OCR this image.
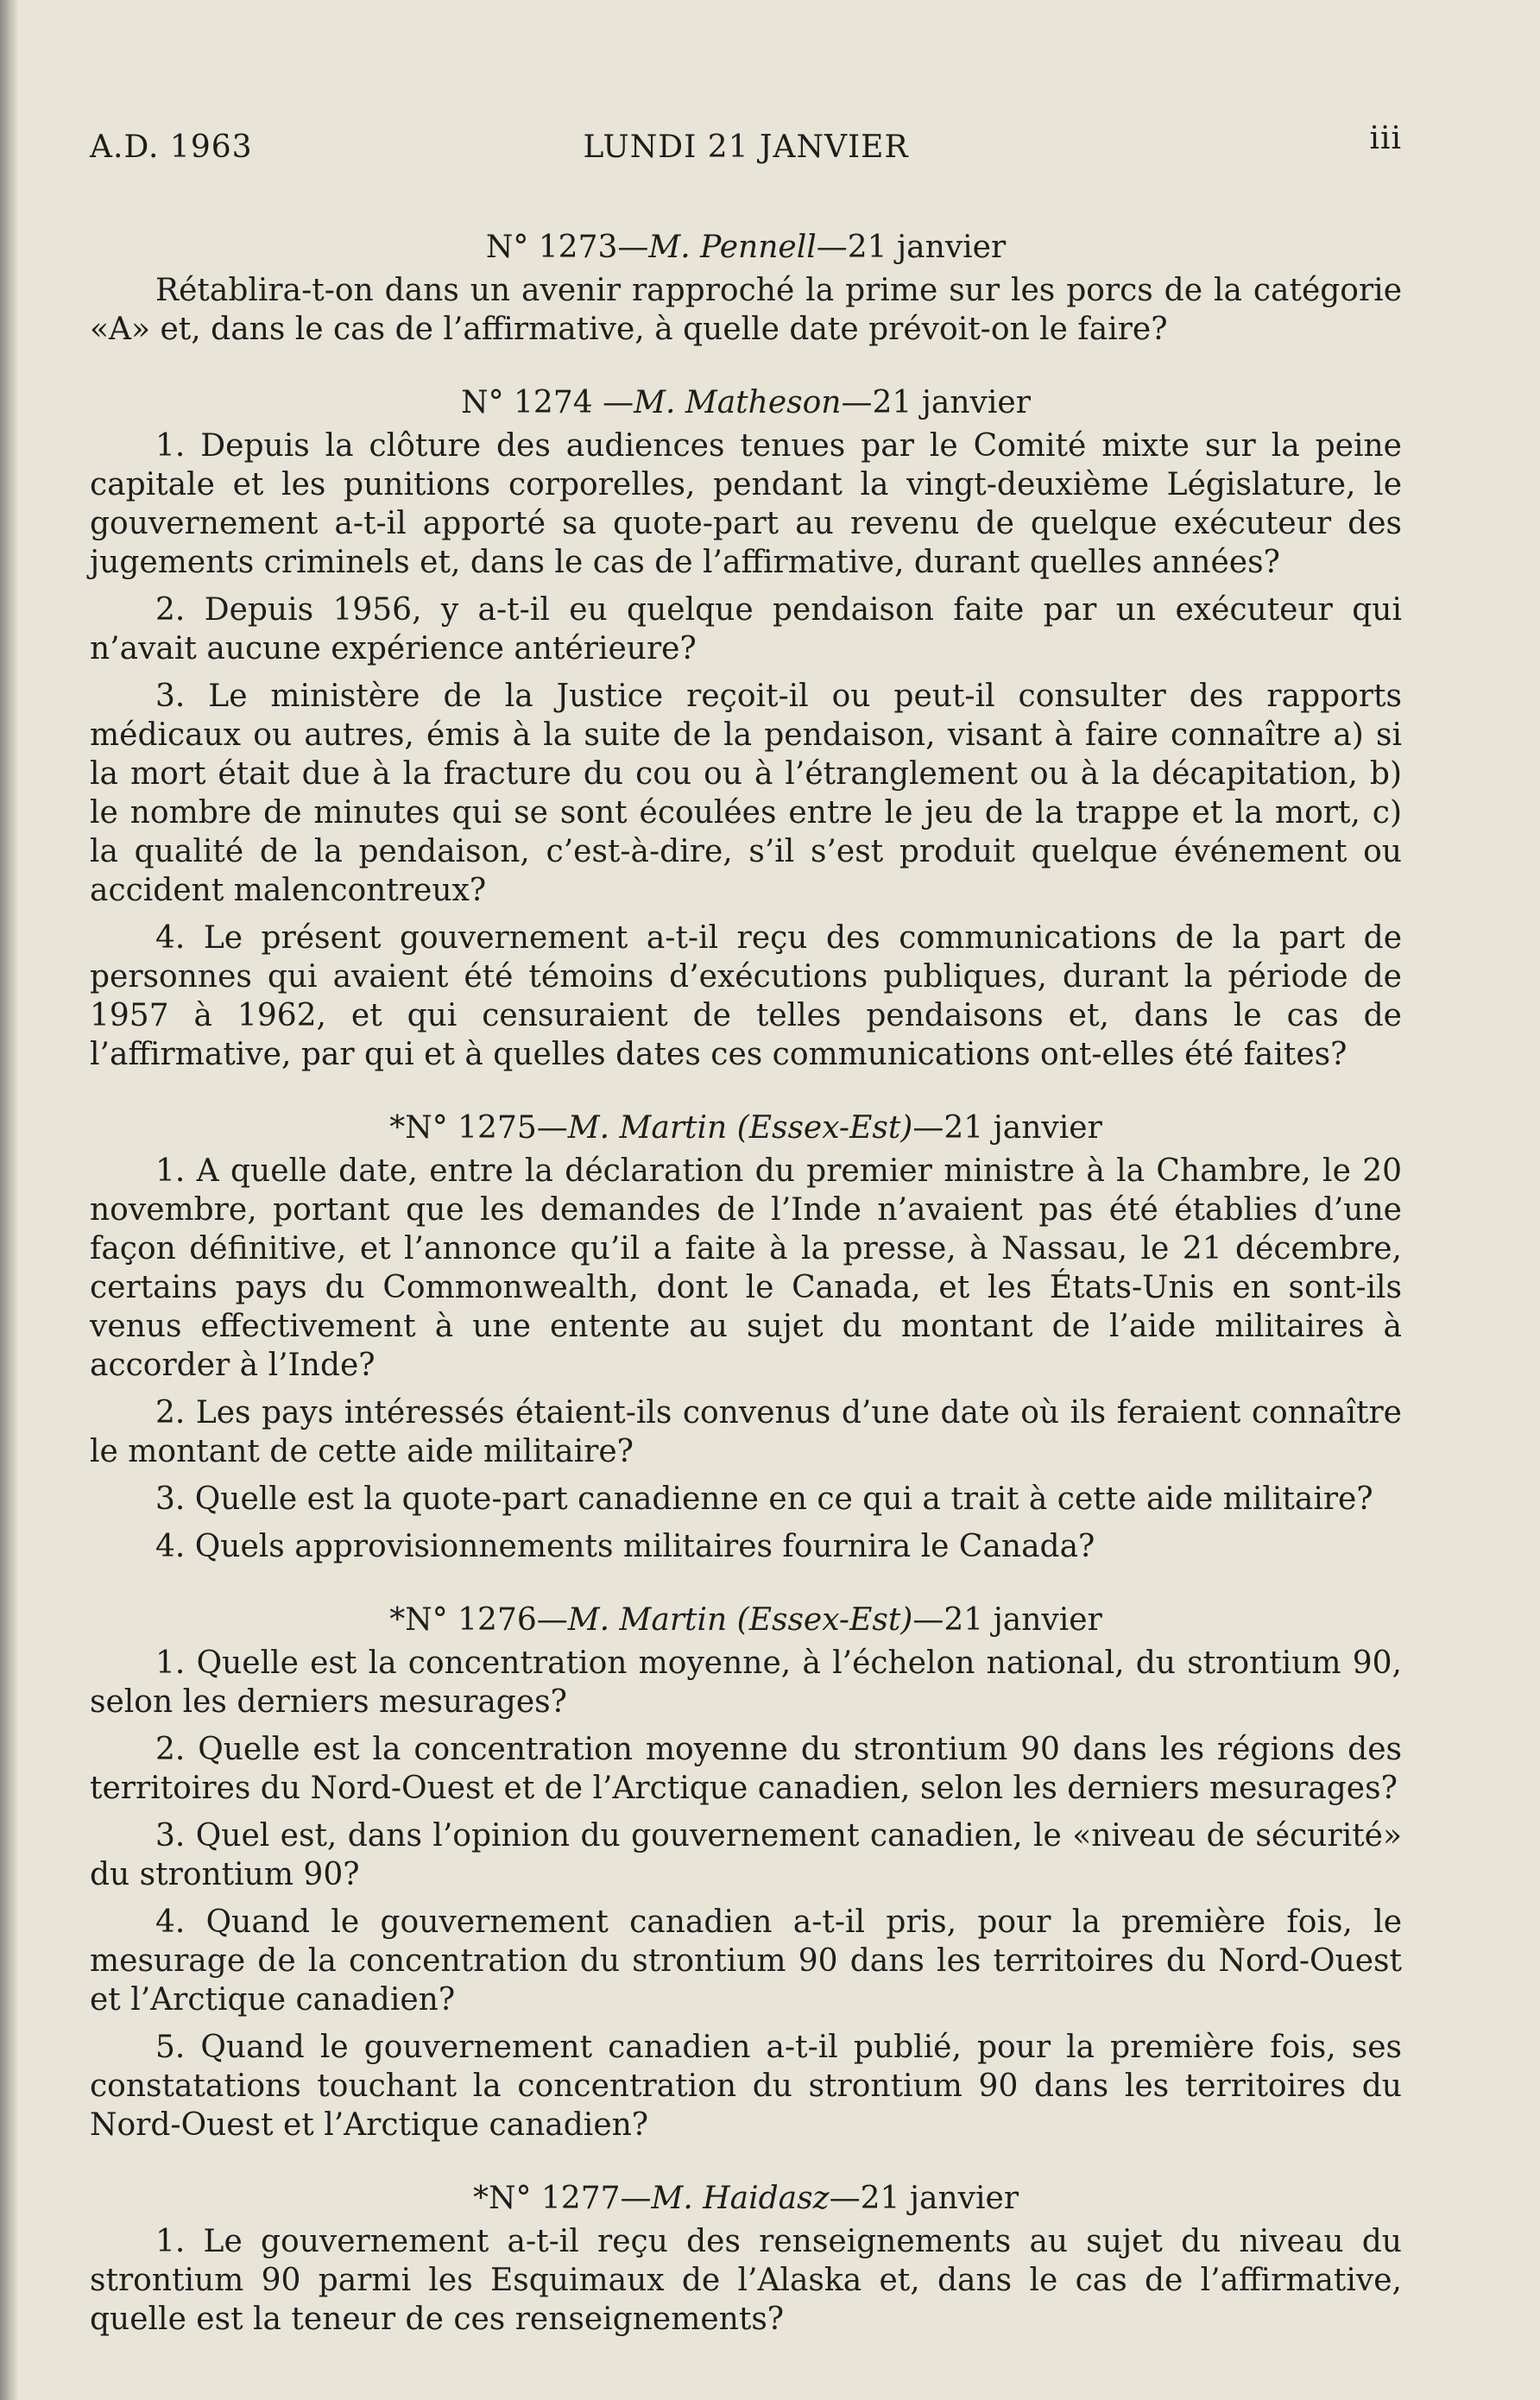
A.D. 1963	LUNDI 21 JANVIER	iii
N° 1273—M. Pennell—21 janvier

Rétablira-t-on dans un avenir rapproché la prime sur les porcs de la catégorie «A» et, dans le cas de l’affirmative, à quelle date prévoit-on le faire?

N° 1274 —M. Matheson—21 janvier

1. Depuis la clôture des audiences tenues par le Comité mixte sur la peine capitale et les punitions corporelles, pendant la vingt-deuxième Législature, le gouvernement a-t-il apporté sa quote-part au revenu de quelque exécuteur des jugements criminels et, dans le cas de l’affirmative, durant quelles années?

2. Depuis 1956, y a-t-il eu quelque pendaison faite par un exécuteur qui n’avait aucune expérience antérieure?

3. Le ministère de la Justice reçoit-il ou peut-il consulter des rapports médicaux ou autres, émis à la suite de la pendaison, visant à faire connaître a) si la mort était due à la fracture du cou ou à l’étranglement ou à la décapitation, b) le nombre de minutes qui se sont écoulées entre le jeu de la trappe et la mort, c) la qualité de la pendaison, c’est-à-dire, s’il s’est produit quelque événement ou accident malencontreux?

4. Le présent gouvernement a-t-il reçu des communications de la part de personnes qui avaient été témoins d’exécutions publiques, durant la période de 1957 à 1962, et qui censuraient de telles pendaisons et, dans le cas de l’affirmative, par qui et à quelles dates ces communications ont-elles été faites?

*N° 1275—M. Martin (Essex-Est)—21 janvier

1. A quelle date, entre la déclaration du premier ministre à la Chambre, le 20 novembre, portant que les demandes de l’Inde n’avaient pas été établies d’une façon définitive, et l’annonce qu’il a faite à la presse, à Nassau, le 21 décembre, certains pays du Commonwealth, dont le Canada, et les États-Unis en sont-ils venus effectivement à une entente au sujet du montant de l’aide militaires à accorder à l’Inde?

2. Les pays intéressés étaient-ils convenus d’une date où ils feraient connaître le montant de cette aide militaire?

3. Quelle est la quote-part canadienne en ce qui a trait à cette aide militaire?

4. Quels approvisionnements militaires fournira le Canada?

*N° 1276—M. Martin (Essex-Est)—21 janvier

1. Quelle est la concentration moyenne, à l’échelon national, du strontium 90, selon les derniers mesurages?

2. Quelle est la concentration moyenne du strontium 90 dans les régions des territoires du Nord-Ouest et de l’Arctique canadien, selon les derniers mesurages?

3. Quel est, dans l’opinion du gouvernement canadien, le «niveau de sécurité» du strontium 90?

4. Quand le gouvernement canadien a-t-il pris, pour la première fois, le mesurage de la concentration du strontium 90 dans les territoires du Nord-Ouest et l’Arctique canadien?

5. Quand le gouvernement canadien a-t-il publié, pour la première fois, ses constatations touchant la concentration du strontium 90 dans les territoires du Nord-Ouest et l’Arctique canadien?

*N° 1277—M. Haidasz—21 janvier

1. Le gouvernement a-t-il reçu des renseignements au sujet du niveau du strontium 90 parmi les Esquimaux de l’Alaska et, dans le cas de l’affirmative, quelle est la teneur de ces renseignements?
